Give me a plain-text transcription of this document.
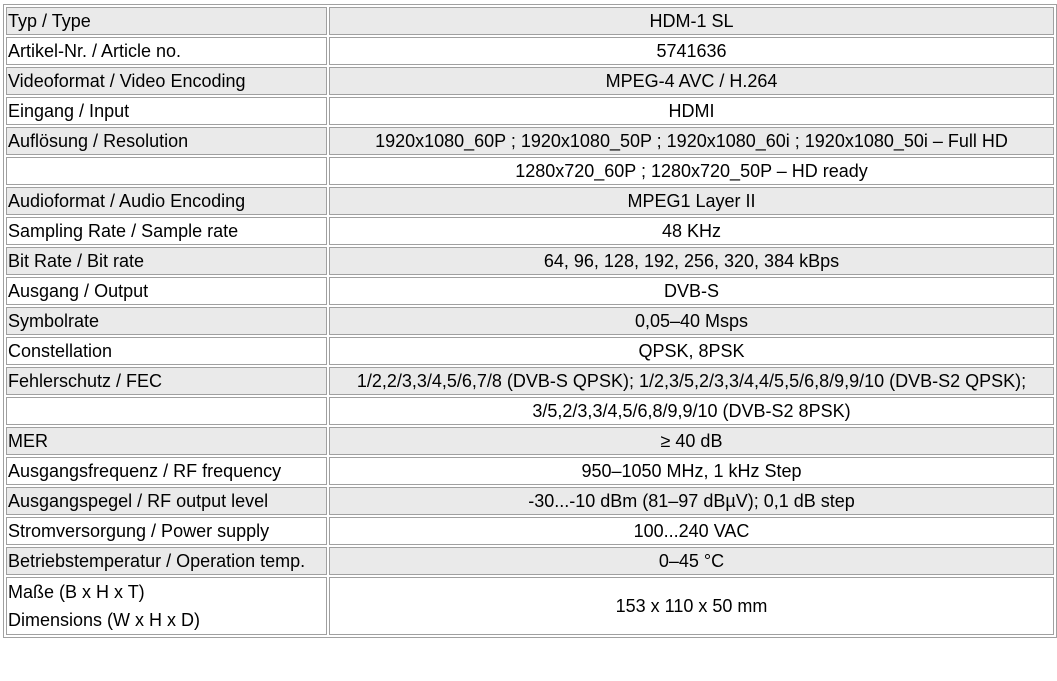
Typ / Type	HDM-1 SL
Artikel-Nr. / Article no.	5741636
Videoformat / Video Encoding	MPEG-4 AVC / H.264
Eingang / Input	HDMI
Auflösung / Resolution	1920x1080_60P ; 1920x1080_50P ; 1920x1080_60i ; 1920x1080_50i – Full HD
	1280x720_60P ; 1280x720_50P – HD ready
Audioformat / Audio Encoding	MPEG1 Layer II
Sampling Rate / Sample rate	48 KHz
Bit Rate / Bit rate	64, 96, 128, 192, 256, 320, 384 kBps
Ausgang / Output	DVB-S
Symbolrate	0,05–40 Msps
Constellation	QPSK, 8PSK
Fehlerschutz / FEC	1/2,2/3,3/4,5/6,7/8 (DVB-S QPSK); 1/2,3/5,2/3,3/4,4/5,5/6,8/9,9/10 (DVB-S2 QPSK);
	3/5,2/3,3/4,5/6,8/9,9/10 (DVB-S2 8PSK)
MER	≥ 40 dB
Ausgangsfrequenz / RF frequency	950–1050 MHz, 1 kHz Step
Ausgangspegel / RF output level	-30...-10 dBm (81–97 dBµV); 0,1 dB step
Stromversorgung / Power supply	100...240 VAC
Betriebstemperatur / Operation temp.	0–45 °C

Maße (B x H x T)
Dimensions (W x H x D)	153 x 110 x 50 mm
